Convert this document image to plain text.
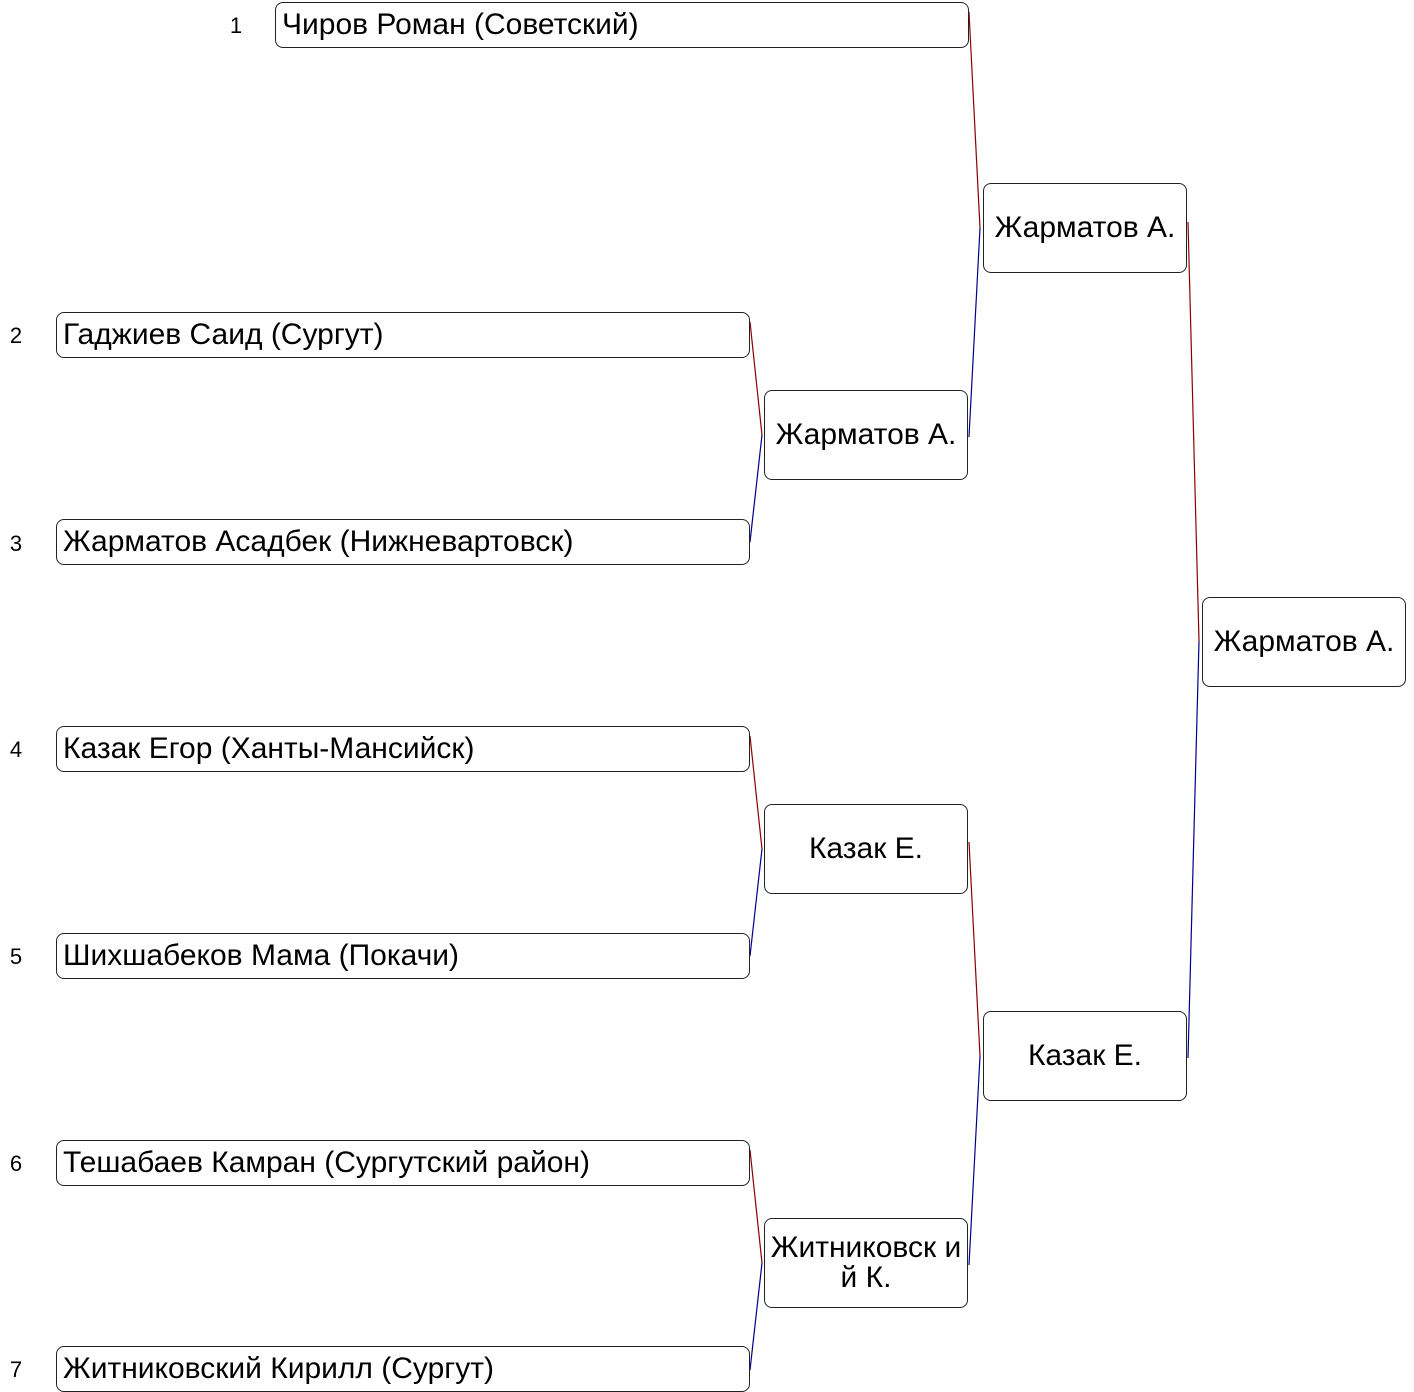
1 Чиров Роман (Советский)
2 Гаджиев Саид (Сургут)
3 Жарматов Асадбек (Нижневартовск)
4 Казак Егор (Ханты-Мансийск)
5 Шихшабеков Мама (Покачи)
6 Тешабаев Камран (Сургутский район)
7 Житниковский Кирилл (Сургут)
Жарматов А.
Казак Е.
Житниковск ий К.
Жарматов А.
Казак Е.
Жарматов А.
